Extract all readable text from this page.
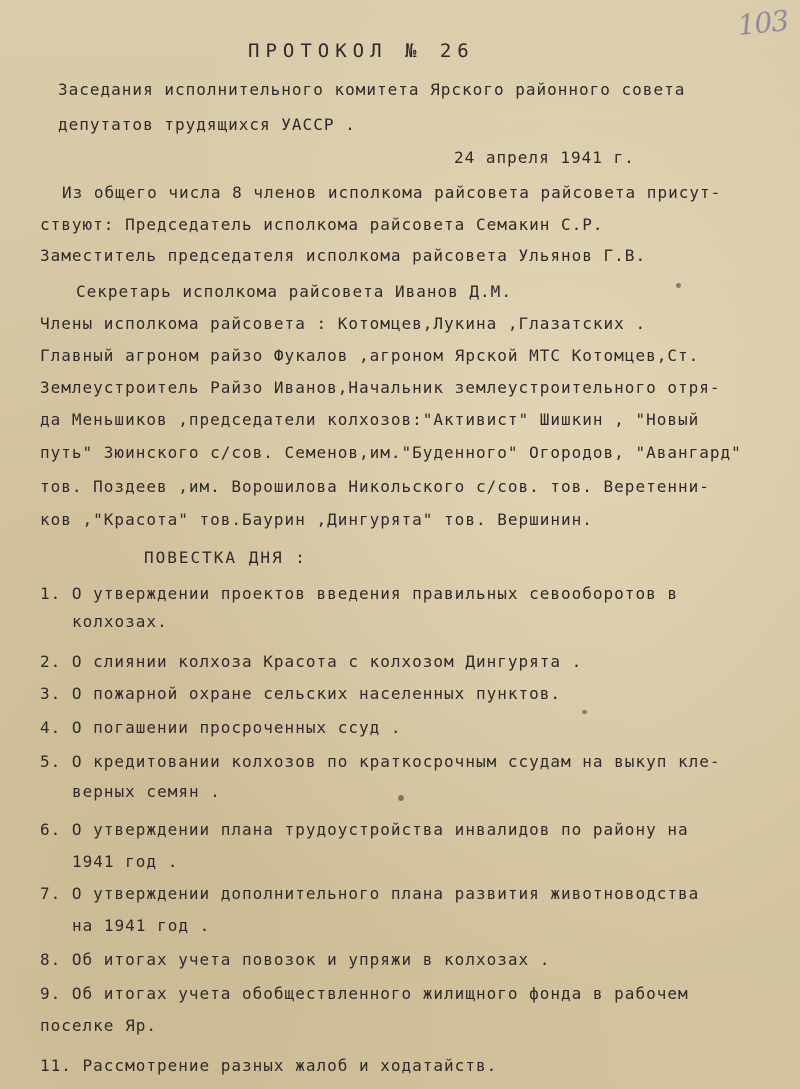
103
ПРОТОКОЛ № 26
Заседания исполнительного комитета Ярского районного совета
депутатов трудящихся УАССР .
24 апреля 1941 г.
Из общего числа 8 членов исполкома райсовета райсовета присут-
ствуют: Председатель исполкома райсовета Семакин С.Р.
Заместитель председателя исполкома райсовета Ульянов Г.В.
Секретарь исполкома райсовета Иванов Д.М.
Члены исполкома райсовета : Котомцев,Лукина ,Глазатских .
Главный агроном райзо Фукалов ,агроном Ярской МТС Котомцев,Ст.
Землеустроитель Райзо Иванов,Начальник землеустроительного отря-
да Меньшиков ,председатели колхозов:"Активист" Шишкин , "Новый
путь" Зюинского с/сов. Семенов,им."Буденного" Огородов, "Авангард"
тов. Поздеев ,им. Ворошилова Никольского с/сов. тов. Веретенни-
ков ,"Красота" тов.Баурин ,Дингурята" тов. Вершинин.
ПОВЕСТКА ДНЯ :
1. О утверждении проектов введения правильных севооборотов в
колхозах.
2. О слиянии колхоза Красота с колхозом Дингурята .
3. О пожарной охране сельских населенных пунктов.
4. О погашении просроченных ссуд .
5. О кредитовании колхозов по краткосрочным ссудам на выкуп кле-
верных семян .
6. О утверждении плана трудоустройства инвалидов по району на
1941 год .
7. О утверждении дополнительного плана развития животноводства
на 1941 год .
8. Об итогах учета повозок и упряжи в колхозах .
9. Об итогах учета обобществленного жилищного фонда в рабочем
поселке Яр.
11. Рассмотрение разных жалоб и ходатайств.
